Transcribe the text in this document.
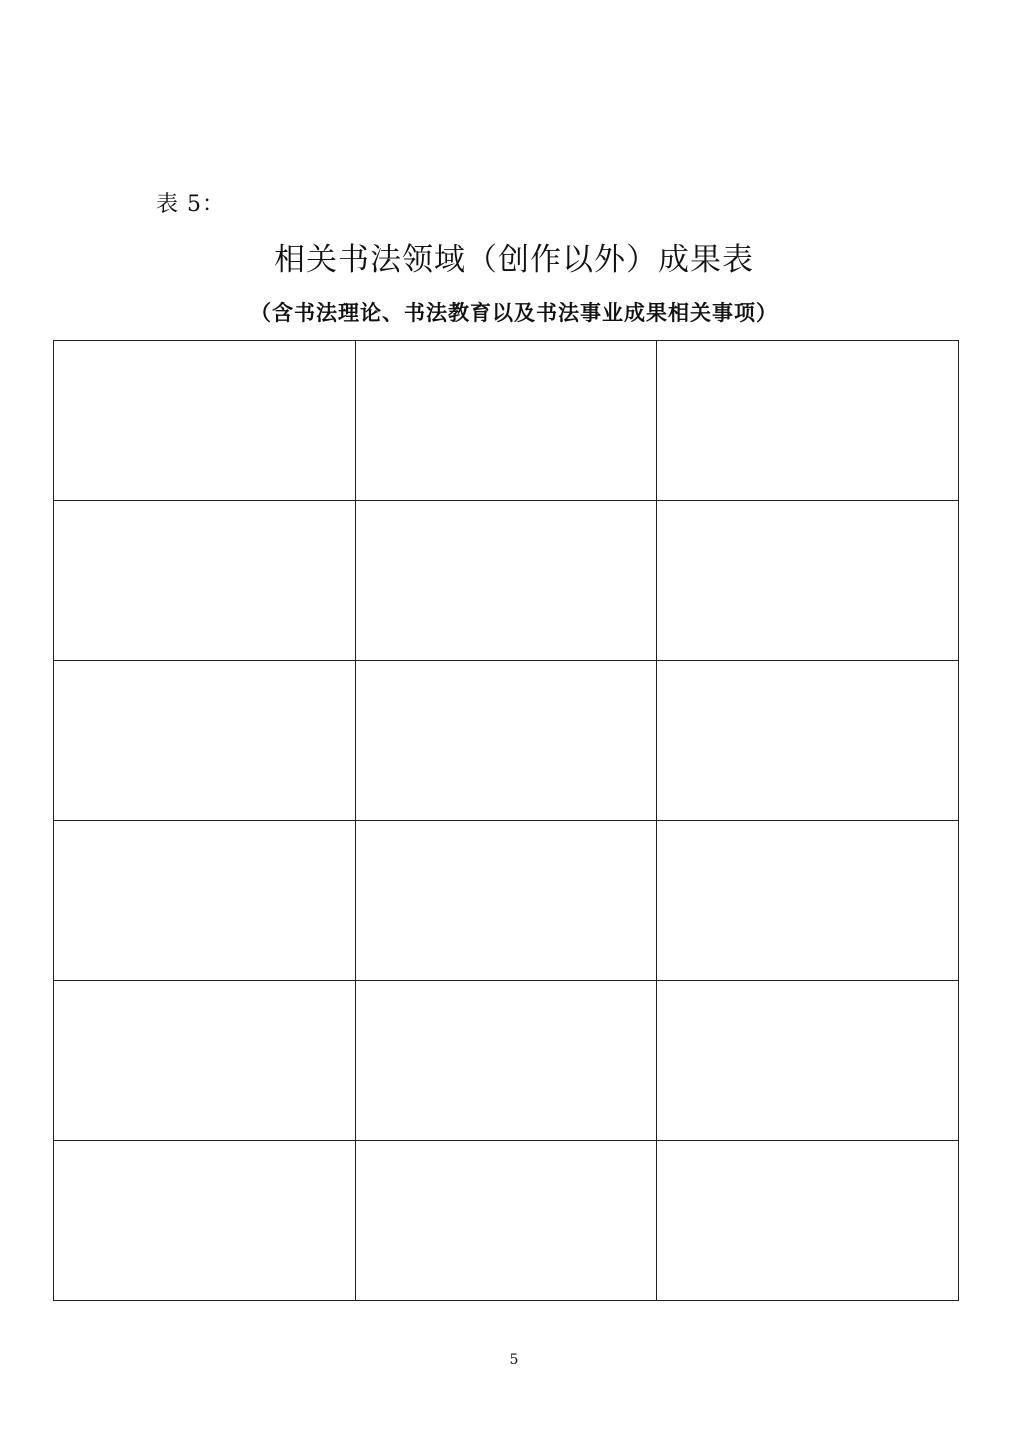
表 5：
相关书法领域（创作以外）成果表
（含书法理论、书法教育以及书法事业成果相关事项）

5
